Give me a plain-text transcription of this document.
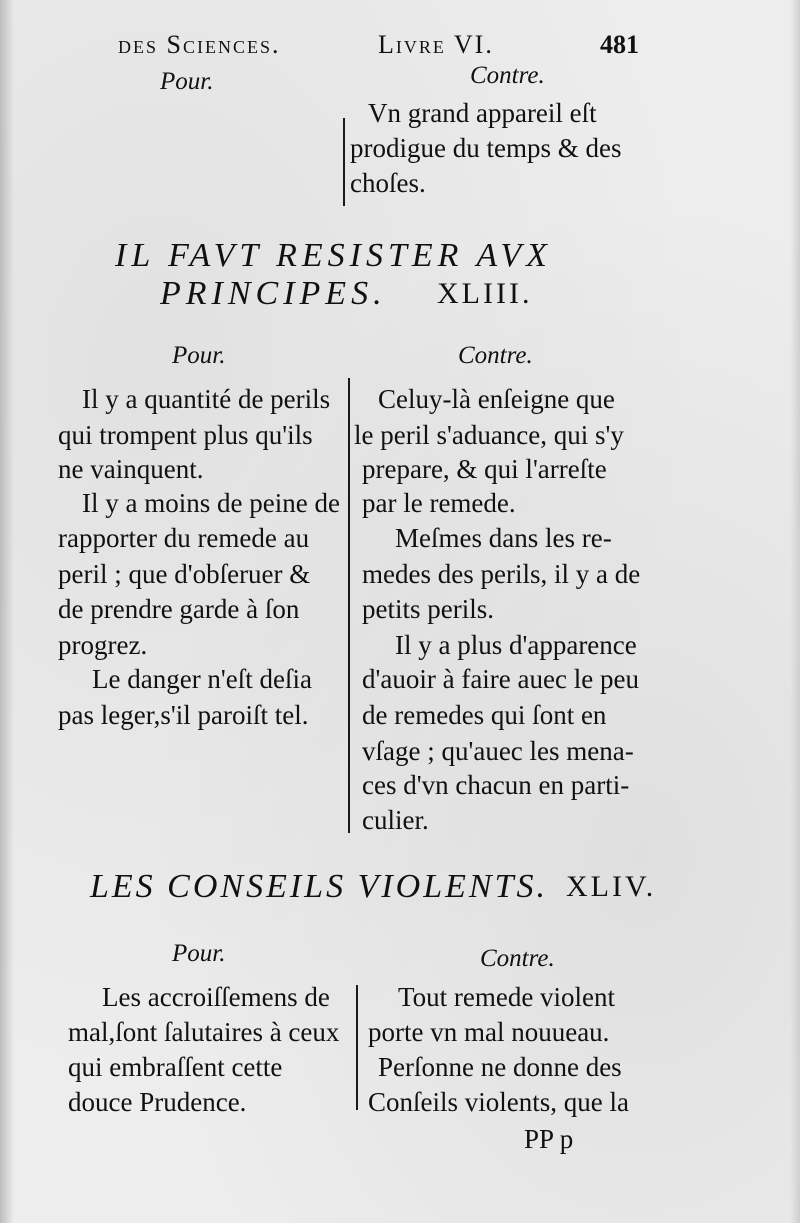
des Sciences.	Livre VI.	481
Pour.	Contre.
Vn grand appareil eſt
prodigue du temps & des
choſes.
IL FAVT RESISTER AVX
PRINCIPES. XLIII.
Pour.	Contre.
Il y a quantité de perils
qui trompent plus qu'ils
ne vainquent.
Il y a moins de peine de
rapporter du remede au
peril ; que d'obſeruer &
de prendre garde à ſon
progrez.
Le danger n'eſt deſia
pas leger,s'il paroiſt tel.
Celuy-là enſeigne que
le peril s'aduance, qui s'y
prepare, & qui l'arreſte
par le remede.
Meſmes dans les re-
medes des perils, il y a de
petits perils.
Il y a plus d'apparence
d'auoir à faire auec le peu
de remedes qui ſont en
vſage ; qu'auec les mena-
ces d'vn chacun en parti-
culier.
LES CONSEILS VIOLENTS. XLIV.
Pour.	Contre.
Les accroiſſemens de
mal,ſont ſalutaires à ceux
qui embraſſent cette
douce Prudence.
Tout remede violent
porte vn mal nouueau.
Perſonne ne donne des
Conſeils violents, que la
PP p
